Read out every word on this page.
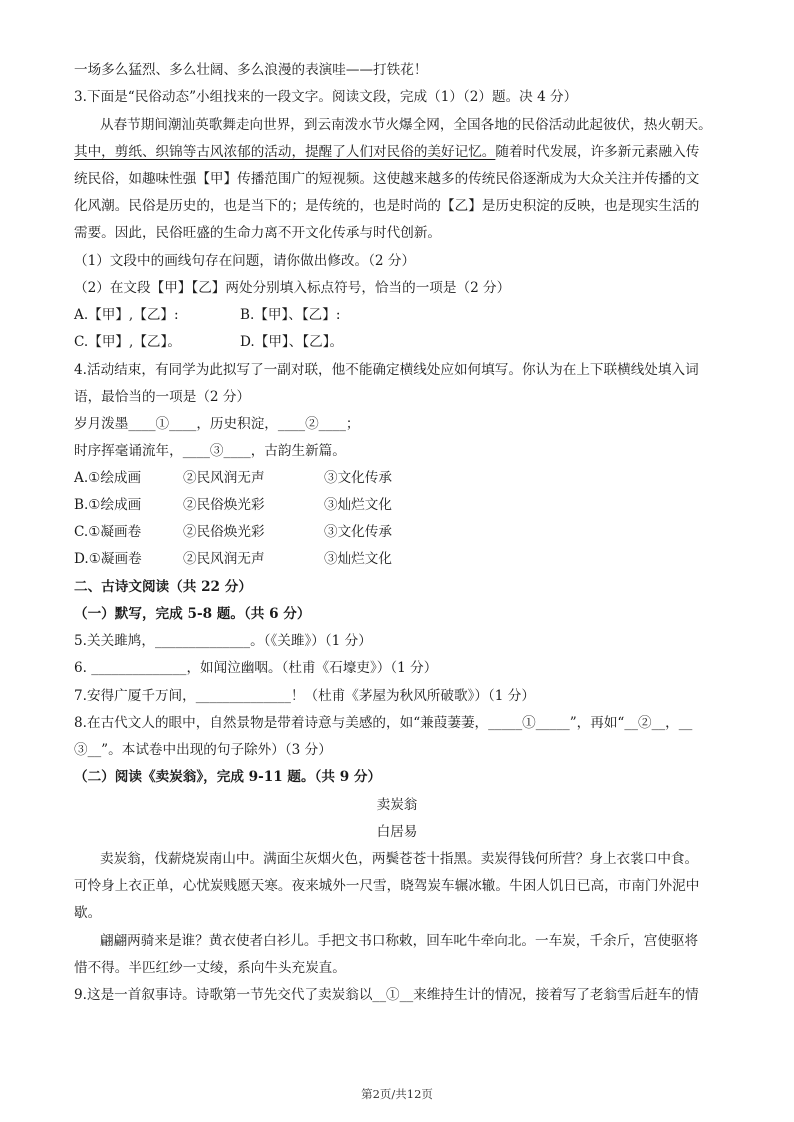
一场多么猛烈、多么壮阔、多么浪漫的表演哇——打铁花！
3.下面是“民俗动态”小组找来的一段文字。阅读文段，完成（1）（2）题。决 4 分）
从春节期间潮汕英歌舞走向世界，到云南泼水节火爆全网，全国各地的民俗活动此起彼伏，热火朝天。
其中，剪纸、织锦等古风浓郁的活动，提醒了人们对民俗的美好记忆。随着时代发展，许多新元素融入传
统民俗，如趣味性强【甲】传播范围广的短视频。这使越来越多的传统民俗逐渐成为大众关注并传播的文
化风潮。民俗是历史的，也是当下的；是传统的，也是时尚的【乙】是历史积淀的反映，也是现实生活的
需要。因此，民俗旺盛的生命力离不开文化传承与时代创新。
（1）文段中的画线句存在问题，请你做出修改。（2 分）
（2）在文段【甲】【乙】两处分别填入标点符号，恰当的一项是（2 分）
A.【甲】,【乙】:	B.【甲】、【乙】:
C.【甲】,【乙】。	D.【甲】、【乙】。
4.活动结束，有同学为此拟写了一副对联，他不能确定横线处应如何填写。你认为在上下联横线处填入词
语，最恰当的一项是（2 分）
岁月泼墨____①____，历史积淀，____②____；
时序挥毫诵流年，____③____，古韵生新篇。
A.①绘成画	②民风润无声	③文化传承
B.①绘成画	②民俗焕光彩	③灿烂文化
C.①凝画卷	②民俗焕光彩	③文化传承
D.①凝画卷	②民风润无声	③灿烂文化
二、古诗文阅读（共 22 分）
（一）默写，完成 5-8 题。（共 6 分）
5.关关雎鸠，______________。（《关雎》）（1 分）
6. ______________，如闻泣幽咽。（杜甫《石壕吏》）（1 分）
7.安得广厦千万间，______________！（杜甫《茅屋为秋风所破歌》）（1 分）
8.在古代文人的眼中，自然景物是带着诗意与美感的，如“兼葭萋萋，_____①_____”，再如“__②__，__
③__”。本试卷中出现的句子除外）（3 分）
（二）阅读《卖炭翁》，完成 9-11 题。（共 9 分）
卖炭翁
白居易
卖炭翁，伐薪烧炭南山中。满面尘灰烟火色，两鬓苍苍十指黑。卖炭得钱何所营？身上衣裳口中食。
可怜身上衣正单，心忧炭贱愿天寒。夜来城外一尺雪，晓驾炭车辗冰辙。牛困人饥日已高，市南门外泥中
歇。
翩翩两骑来是谁？黄衣使者白衫儿。手把文书口称敕，回车叱牛牵向北。一车炭，千余斤，宫使驱将
惜不得。半匹红纱一丈绫，系向牛头充炭直。
9.这是一首叙事诗。诗歌第一节先交代了卖炭翁以__①__来维持生计的情况，接着写了老翁雪后赶车的情
第2页/共12页
